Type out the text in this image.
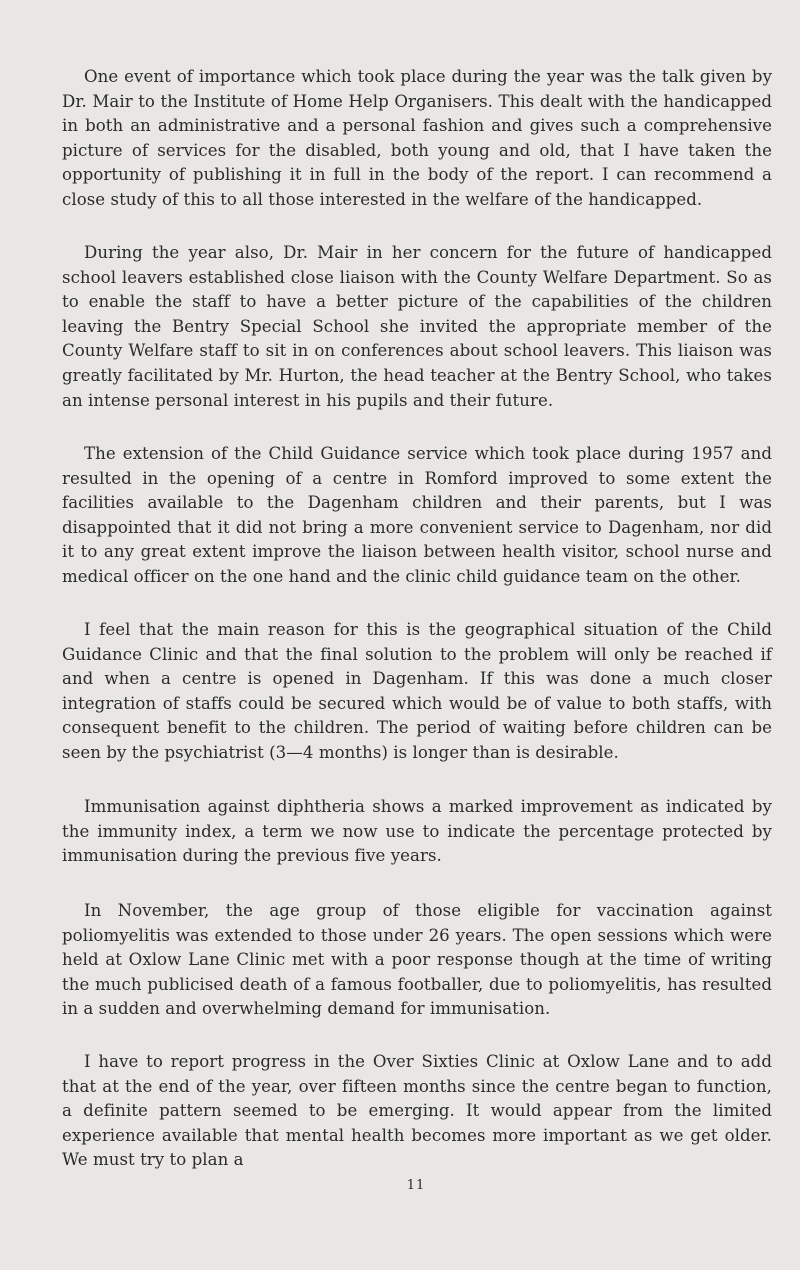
One event of importance which took place during the year was the talk given by Dr. Mair to the Institute of Home Help Organisers. This dealt with the handicapped in both an administrative and a personal fashion and gives such a comprehensive picture of services for the disabled, both young and old, that I have taken the opportunity of publishing it in full in the body of the report. I can recommend a close study of this to all those interested in the welfare of the handicapped.

During the year also, Dr. Mair in her concern for the future of handicapped school leavers established close liaison with the County Welfare Department. So as to enable the staff to have a better picture of the capabilities of the children leaving the Bentry Special School she invited the appropriate member of the County Welfare staff to sit in on conferences about school leavers. This liaison was greatly facilitated by Mr. Hurton, the head teacher at the Bentry School, who takes an intense personal interest in his pupils and their future.

The extension of the Child Guidance service which took place during 1957 and resulted in the opening of a centre in Romford improved to some extent the facilities available to the Dagenham children and their parents, but I was disappointed that it did not bring a more convenient service to Dagenham, nor did it to any great extent improve the liaison between health visitor, school nurse and medical officer on the one hand and the clinic child guidance team on the other.

I feel that the main reason for this is the geographical situation of the Child Guidance Clinic and that the final solution to the problem will only be reached if and when a centre is opened in Dagenham. If this was done a much closer integration of staffs could be secured which would be of value to both staffs, with consequent benefit to the children. The period of waiting before children can be seen by the psychiatrist (3—4 months) is longer than is desirable.

Immunisation against diphtheria shows a marked improvement as indicated by the immunity index, a term we now use to indicate the percentage protected by immunisation during the previous five years.

In November, the age group of those eligible for vaccination against poliomyelitis was extended to those under 26 years. The open sessions which were held at Oxlow Lane Clinic met with a poor response though at the time of writing the much publicised death of a famous footballer, due to poliomyelitis, has resulted in a sudden and overwhelming demand for immunisation.

I have to report progress in the Over Sixties Clinic at Oxlow Lane and to add that at the end of the year, over fifteen months since the centre began to function, a definite pattern seemed to be emerging. It would appear from the limited experience available that mental health becomes more important as we get older. We must try to plan a

11
